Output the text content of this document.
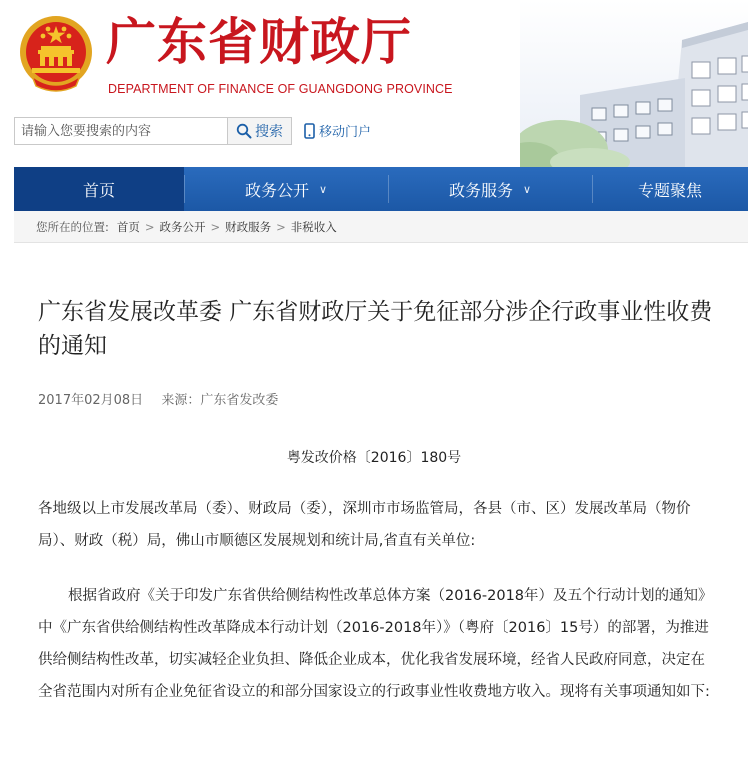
广东省财政厅
DEPARTMENT OF FINANCE OF GUANGDONG PROVINCE
请输入您要搜索的内容
搜索	移动门户
首页	政务公开 ∨	政务服务 ∨	专题聚焦
您所在的位置: 首页 > 政务公开 > 财政服务 > 非税收入
广东省发展改革委 广东省财政厅关于免征部分涉企行政事业性收费的通知
2017年02月08日 来源：广东省发改委
粤发改价格〔2016〕180号

各地级以上市发展改革局（委）、财政局（委），深圳市市场监管局，各县（市、区）发展改革局（物价局）、财政（税）局，佛山市顺德区发展规划和统计局,省直有关单位:

根据省政府《关于印发广东省供给侧结构性改革总体方案（2016-2018年）及五个行动计划的通知》中《广东省供给侧结构性改革降成本行动计划（2016-2018年）》（粤府〔2016〕15号）的部署，为推进供给侧结构性改革，切实减轻企业负担、降低企业成本，优化我省发展环境，经省人民政府同意，决定在全省范围内对所有企业免征省设立的和部分国家设立的行政事业性收费地方收入。现将有关事项通知如下:
